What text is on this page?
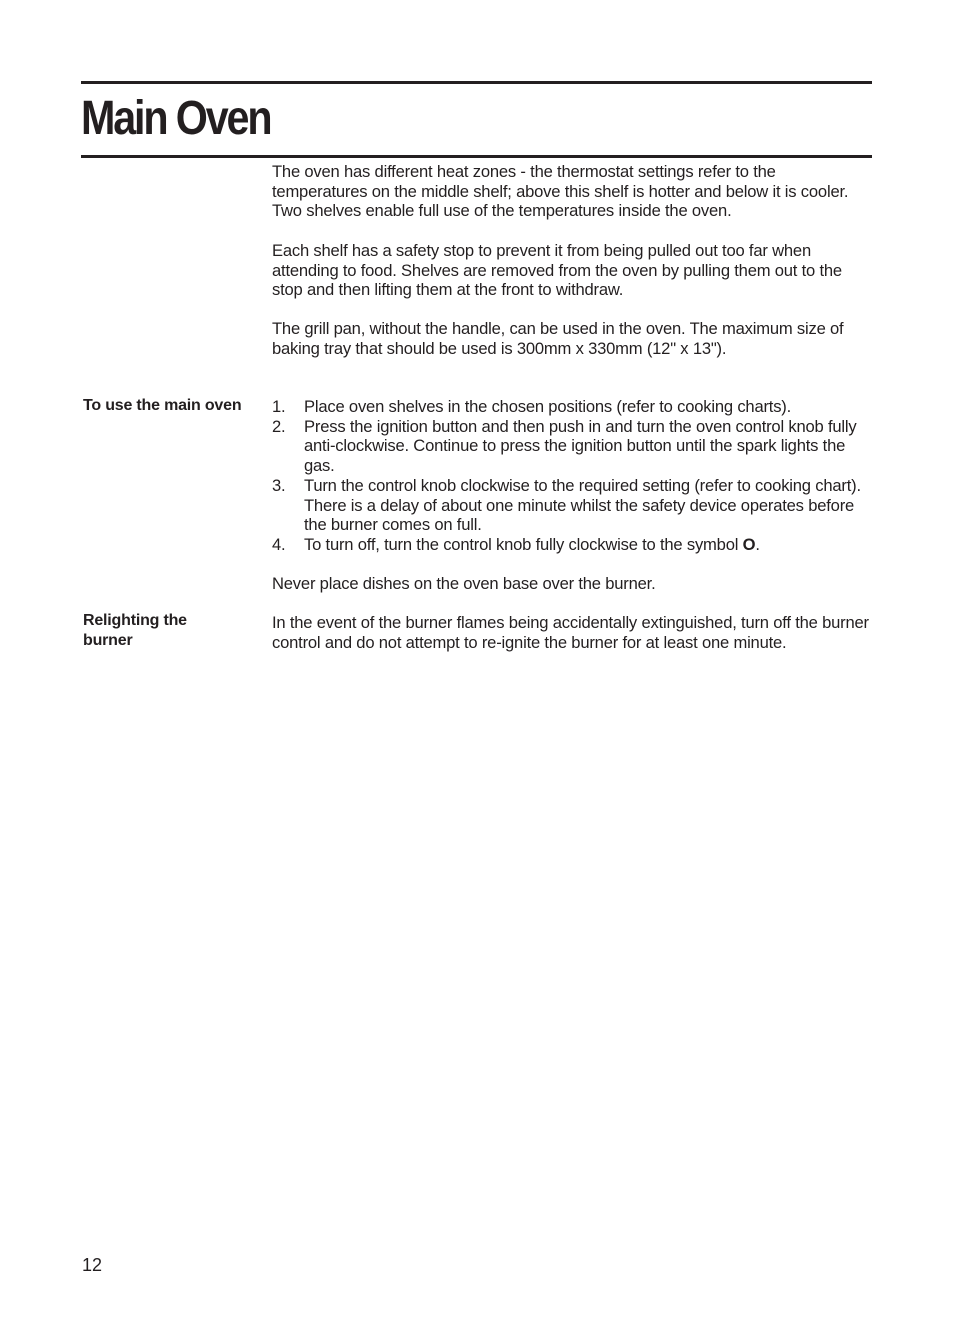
Main Oven

The oven has different heat zones - the thermostat settings refer to the temperatures on the middle shelf; above this shelf is hotter and below it is cooler. Two shelves enable full use of the temperatures inside the oven.

Each shelf has a safety stop to prevent it from being pulled out too far when attending to food. Shelves are removed from the oven by pulling them out to the stop and then lifting them at the front to withdraw.

The grill pan, without the handle, can be used in the oven. The maximum size of baking tray that should be used is 300mm x 330mm (12" x 13").

To use the main oven	1. Place oven shelves in the chosen positions (refer to cooking charts).
2. Press the ignition button and then push in and turn the oven control knob fully anti-clockwise. Continue to press the ignition button until the spark lights the gas.
3. Turn the control knob clockwise to the required setting (refer to cooking chart). There is a delay of about one minute whilst the safety device operates before the burner comes on full.
4. To turn off, turn the control knob fully clockwise to the symbol O.

Never place dishes on the oven base over the burner.

Relighting the
burner

In the event of the burner flames being accidentally extinguished, turn off the burner control and do not attempt to re-ignite the burner for at least one minute.

12
